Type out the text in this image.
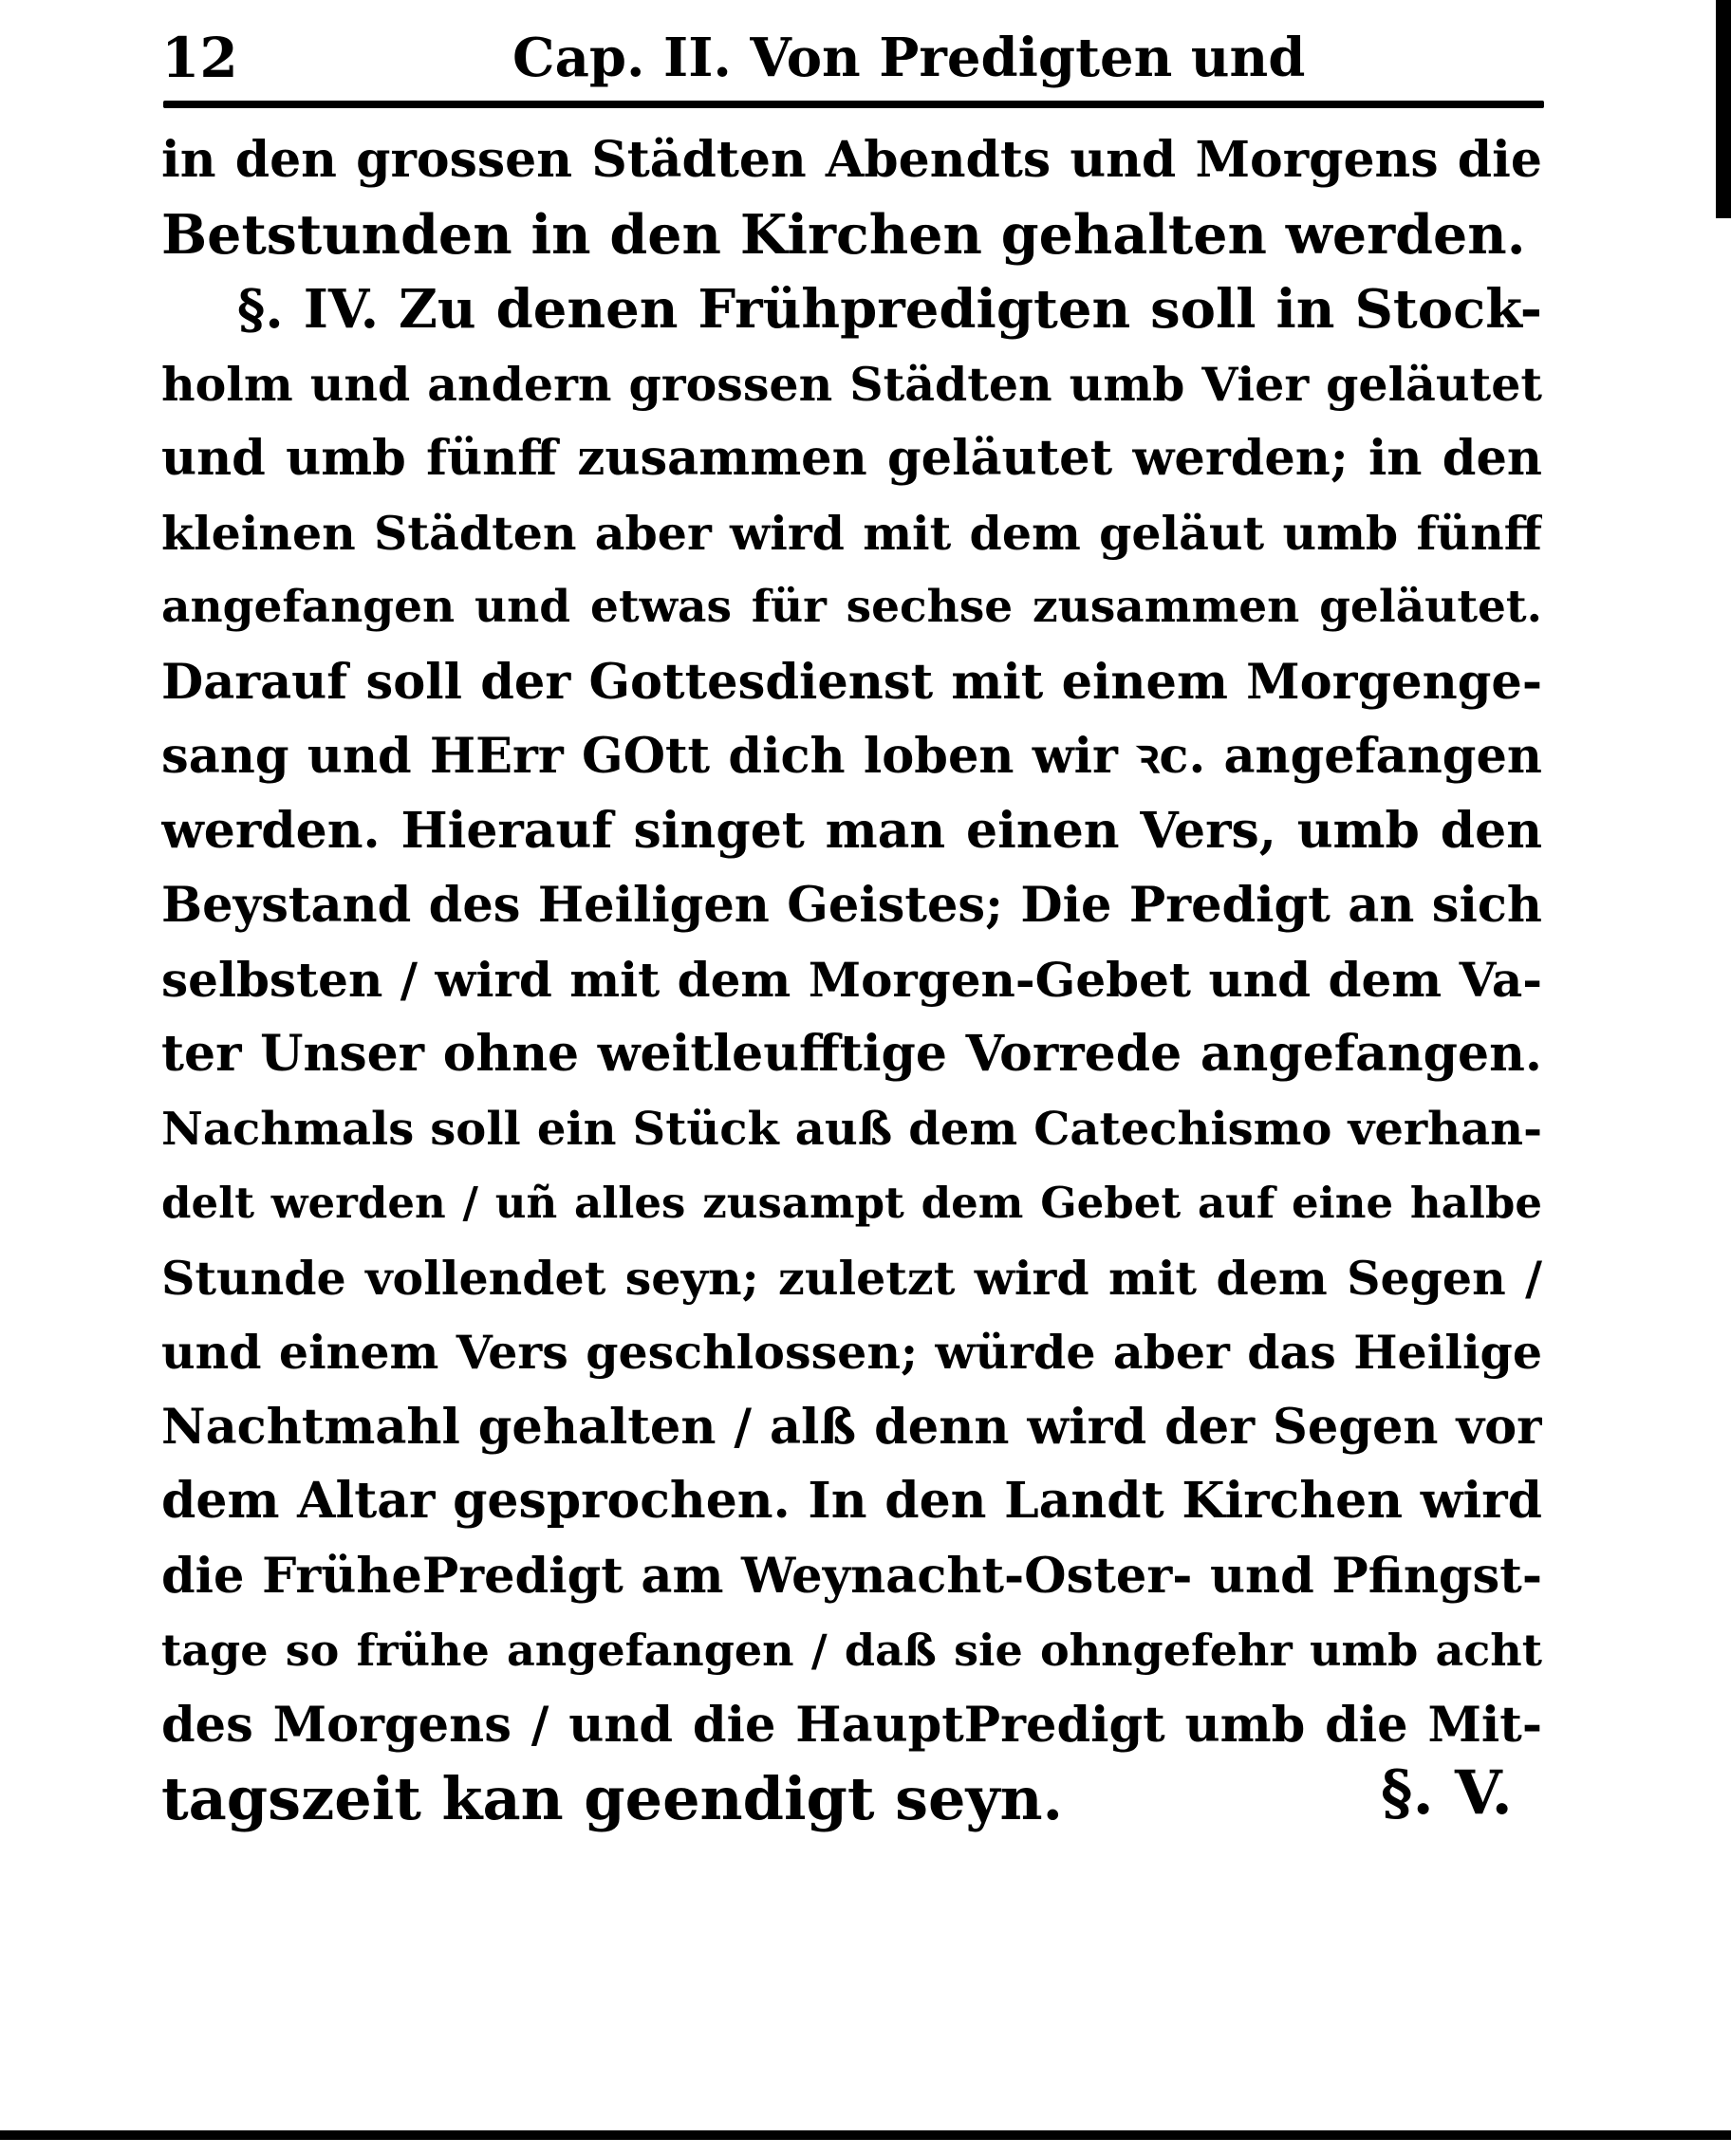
12	Cap. II. Von Predigten und
in den grossen Städten Abendts und Morgens die
Betstunden in den Kirchen gehalten werden.
§. IV. Zu denen Frühpredigten soll in Stock-
holm und andern grossen Städten umb Vier geläutet
und umb fünff zusammen geläutet werden; in den
kleinen Städten aber wird mit dem geläut umb fünff
angefangen und etwas für sechse zusammen geläutet.
Darauf soll der Gottesdienst mit einem Morgenge-
sang und HErr GOtt dich loben wir ꝛc. angefangen
werden. Hierauf singet man einen Vers, umb den
Beystand des Heiligen Geistes; Die Predigt an sich
selbsten / wird mit dem Morgen-Gebet und dem Va-
ter Unser ohne weitleufftige Vorrede angefangen.
Nachmals soll ein Stück auß dem Catechismo verhan-
delt werden / uñ alles zusampt dem Gebet auf eine halbe
Stunde vollendet seyn; zuletzt wird mit dem Segen /
und einem Vers geschlossen; würde aber das Heilige
Nachtmahl gehalten / alß denn wird der Segen vor
dem Altar gesprochen. In den Landt Kirchen wird
die FrühePredigt am Weynacht-Oster- und Pfingst-
tage so frühe angefangen / daß sie ohngefehr umb acht
des Morgens / und die HauptPredigt umb die Mit-
tagszeit kan geendigt seyn.	§. V.
